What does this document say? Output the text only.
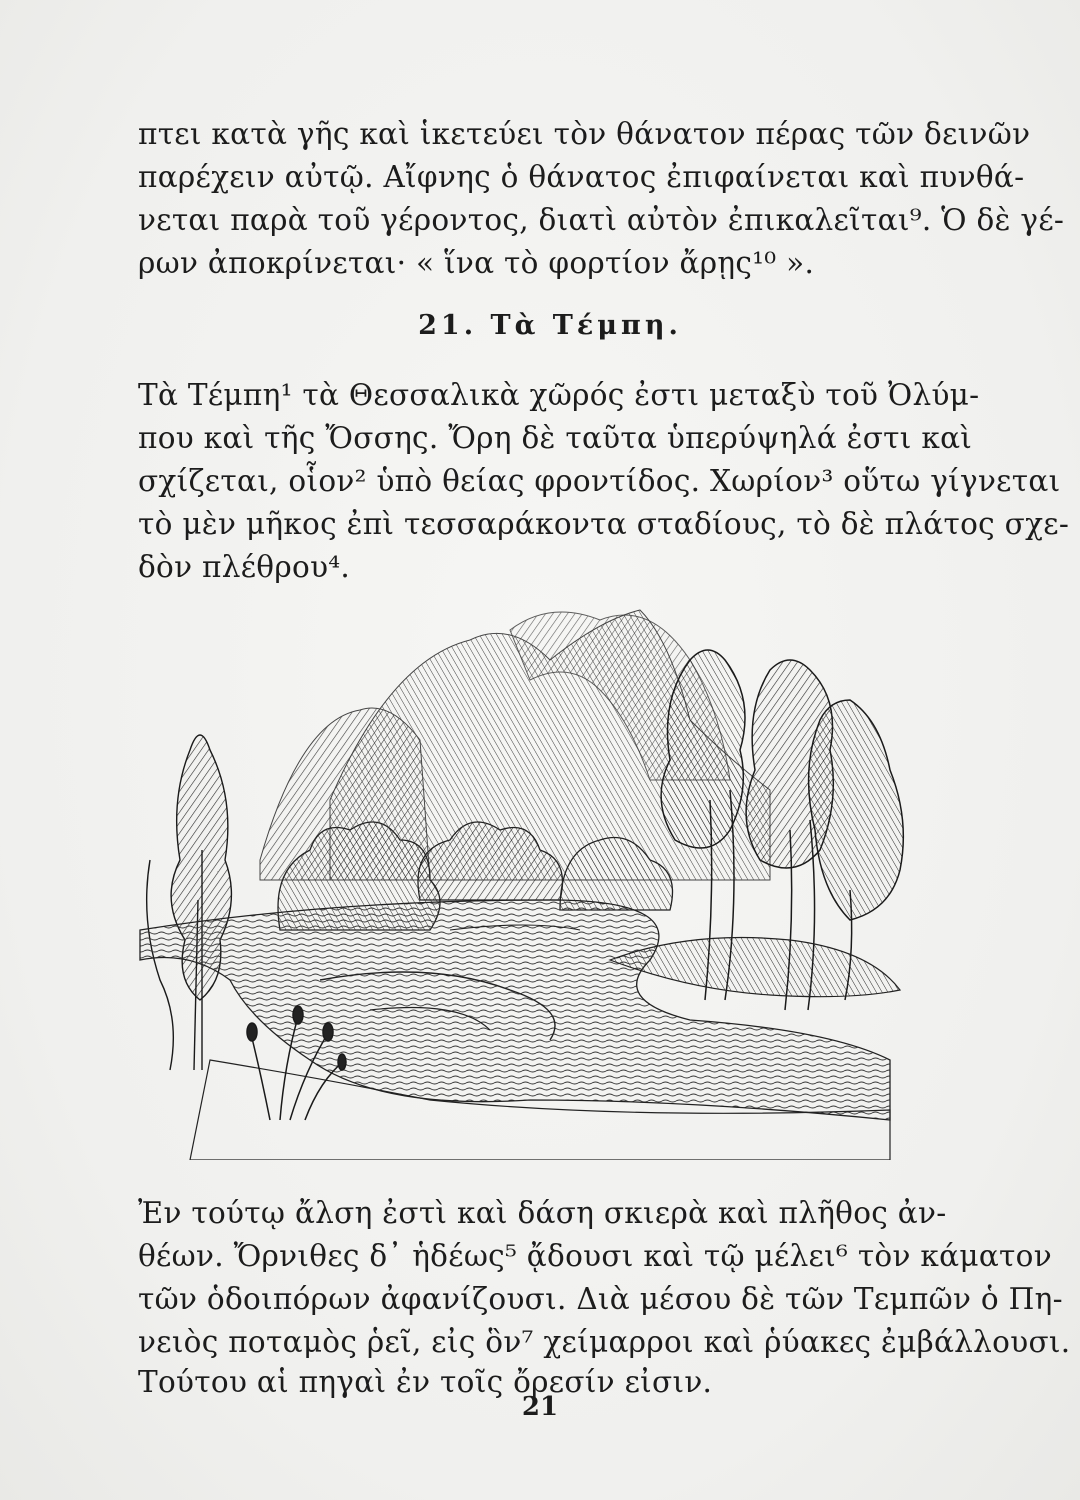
πτει κατὰ γῆς καὶ ἱκετεύει τὸν θάνατον πέρας τῶν δεινῶν
παρέχειν αὐτῷ. Αἴφνης ὁ θάνατος ἐπιφαίνεται καὶ πυνθά-
νεται παρὰ τοῦ γέροντος, διατὶ αὐτὸν ἐπικαλεῖται⁹. Ὁ δὲ γέ-
ρων ἀποκρίνεται· « ἵνα τὸ φορτίον ἄρῃς¹⁰ ».
21. Τὰ Τέμπη.
Τὰ Τέμπη¹ τὰ Θεσσαλικὰ χῶρός ἐστι μεταξὺ τοῦ Ὀλύμ-
που καὶ τῆς Ὄσσης. Ὄρη δὲ ταῦτα ὑπερύψηλά ἐστι καὶ
σχίζεται, οἷον² ὑπὸ θείας φροντίδος. Χωρίον³ οὕτω γίγνεται
τὸ μὲν μῆκος ἐπὶ τεσσαράκοντα σταδίους, τὸ δὲ πλάτος σχε-
δὸν πλέθρου⁴.
Ἐν τούτῳ ἄλση ἐστὶ καὶ δάση σκιερὰ καὶ πλῆθος ἀν-
θέων. Ὄρνιθες δ᾽ ἡδέως⁵ ᾄδουσι καὶ τῷ μέλει⁶ τὸν κάματον
τῶν ὁδοιπόρων ἀφανίζουσι. Διὰ μέσου δὲ τῶν Τεμπῶν ὁ Πη-
νειὸς ποταμὸς ῥεῖ, εἰς ὃν⁷ χείμαρροι καὶ ῥύακες ἐμβάλλουσι.
Τούτου αἱ πηγαὶ ἐν τοῖς ὄρεσίν εἰσιν.
21
